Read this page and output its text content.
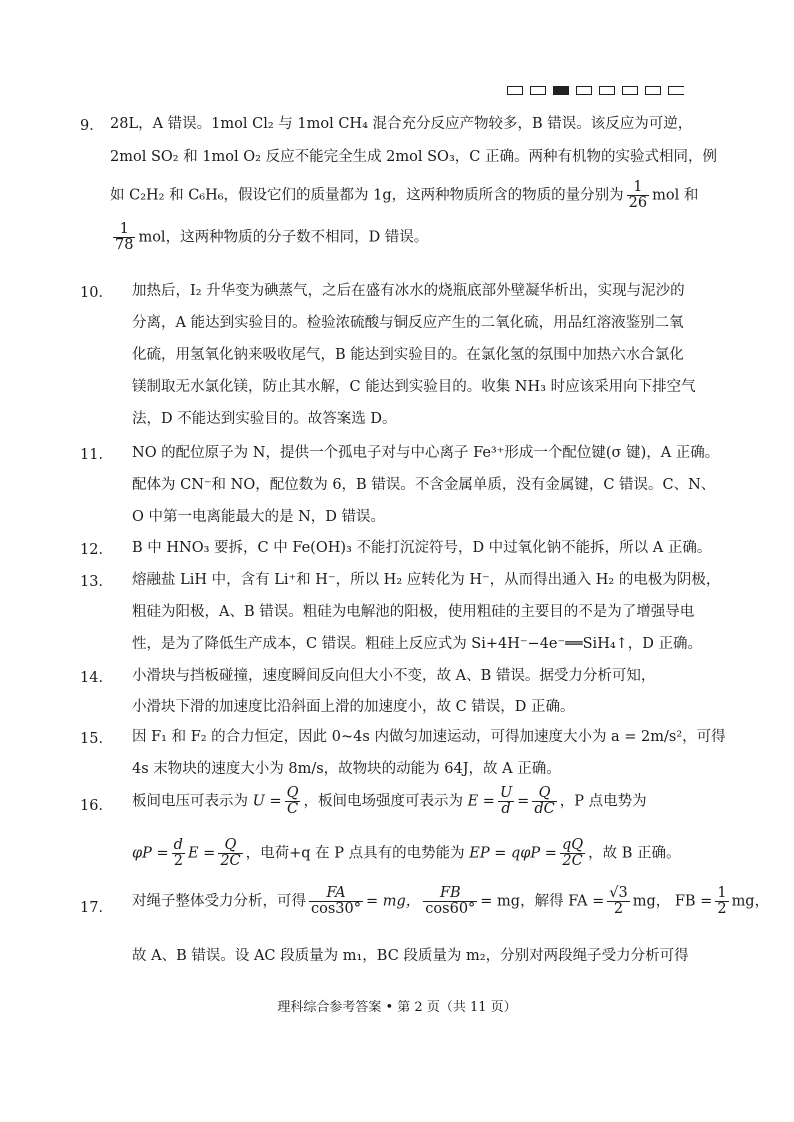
9． 28L，A 错误。1mol Cl₂ 与 1mol CH₄ 混合充分反应产物较多，B 错误。该反应为可逆，
2mol SO₂ 和 1mol O₂ 反应不能完全生成 2mol SO₃，C 正确。两种有机物的实验式相同，例
如 C₂H₂ 和 C₆H₆，假设它们的质量都为 1g，这两种物质所含的物质的量分别为 $\frac{1}{26}$ mol 和
$\frac{1}{78}$ mol，这两种物质的分子数不相同，D 错误。
10． 加热后，I₂ 升华变为碘蒸气，之后在盛有冰水的烧瓶底部外壁凝华析出，实现与泥沙的
分离，A 能达到实验目的。检验浓硫酸与铜反应产生的二氧化硫，用品红溶液鉴别二氧
化硫，用氢氧化钠来吸收尾气，B 能达到实验目的。在氯化氢的氛围中加热六水合氯化
镁制取无水氯化镁，防止其水解，C 能达到实验目的。收集 NH₃ 时应该采用向下排空气
法，D 不能达到实验目的。故答案选 D。
11． NO 的配位原子为 N，提供一个孤电子对与中心离子 Fe³⁺形成一个配位键(σ 键)，A 正确。
配体为 CN⁻和 NO，配位数为 6，B 错误。不含金属单质，没有金属键，C 错误。C、N、
O 中第一电离能最大的是 N，D 错误。
12． B 中 HNO₃ 要拆，C 中 Fe(OH)₃ 不能打沉淀符号，D 中过氧化钠不能拆，所以 A 正确。
13． 熔融盐 LiH 中，含有 Li⁺和 H⁻，所以 H₂ 应转化为 H⁻，从而得出通入 H₂ 的电极为阴极，
粗硅为阳极，A、B 错误。粗硅为电解池的阳极，使用粗硅的主要目的不是为了增强导电
性，是为了降低生产成本，C 错误。粗硅上反应式为 Si+4H⁻−4e⁻══SiH₄↑，D 正确。
14． 小滑块与挡板碰撞，速度瞬间反向但大小不变，故 A、B 错误。据受力分析可知，
小滑块下滑的加速度比沿斜面上滑的加速度小，故 C 错误，D 正确。
15． 因 F₁ 和 F₂ 的合力恒定，因此 0~4s 内做匀加速运动，可得加速度大小为 a = 2m/s²，可得
4s 末物块的速度大小为 8m/s，故物块的动能为 64J，故 A 正确。
16． 板间电压可表示为 $U = \frac{Q}{C}$ ，板间电场强度可表示为 $E = \frac{U}{d} = \frac{Q}{dC}$ ，P 点电势为
$\varphi P = \frac{d}{2}$ $E = \frac{Q}{2C}$ ，电荷+q 在 P 点具有的电势能为 EP = $q\varphi P = \frac{qQ}{2C}$ ，故 B 正确。
17． 对绳子整体受力分析，可得 $\frac{FA}{\cos 30^\circ}$ = mg， $\frac{FB}{\cos 60^\circ}$ = mg，解得 FA = $\frac{√3}{2}$ mg， FB = $\frac{1}{2}$ mg，
故 A、B 错误。设 AC 段质量为 m₁，BC 段质量为 m₂，分别对两段绳子受力分析可得
理科综合参考答案 • 第 2 页（共 11 页）
